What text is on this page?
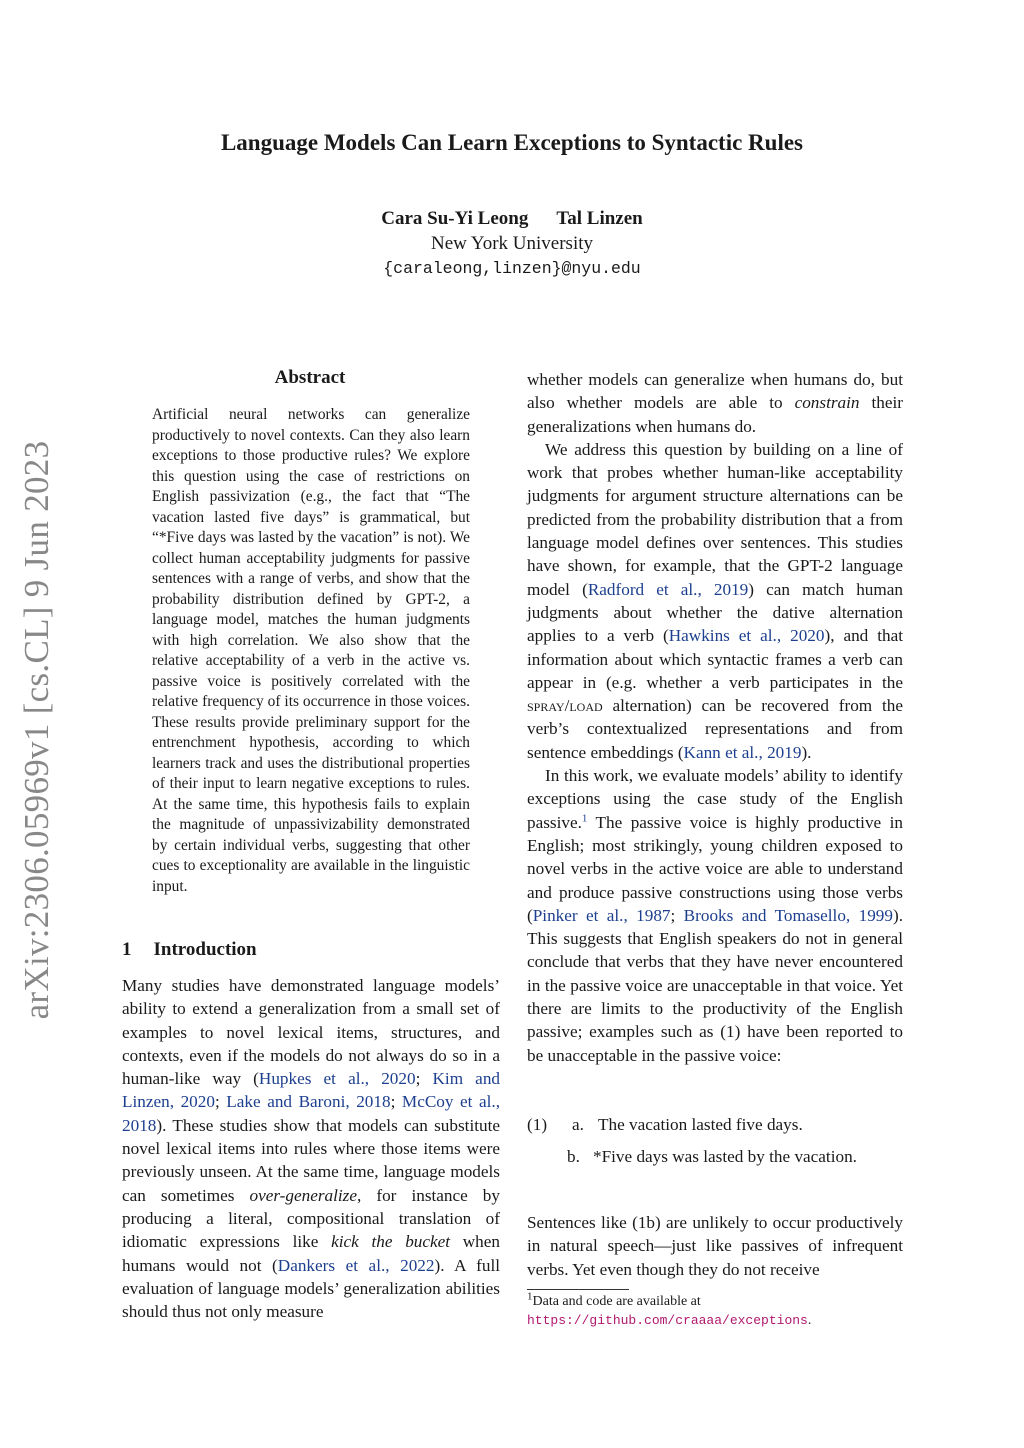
Language Models Can Learn Exceptions to Syntactic Rules
Cara Su-Yi Leong Tal Linzen
New York University
{caraleong,linzen}@nyu.edu
arXiv:2306.05969v1 [cs.CL] 9 Jun 2023
Abstract

Artificial neural networks can generalize productively to novel contexts. Can they also learn exceptions to those productive rules? We explore this question using the case of restrictions on English passivization (e.g., the fact that “The vacation lasted five days” is grammatical, but “*Five days was lasted by the vacation” is not). We collect human acceptability judgments for passive sentences with a range of verbs, and show that the probability distribution defined by GPT-2, a language model, matches the human judgments with high correlation. We also show that the relative acceptability of a verb in the active vs. passive voice is positively correlated with the relative frequency of its occurrence in those voices. These results provide preliminary support for the entrenchment hypothesis, according to which learners track and uses the distributional properties of their input to learn negative exceptions to rules. At the same time, this hypothesis fails to explain the magnitude of unpassivizability demonstrated by certain individual verbs, suggesting that other cues to exceptionality are available in the linguistic input.

1 Introduction

Many studies have demonstrated language models’ ability to extend a generalization from a small set of examples to novel lexical items, structures, and contexts, even if the models do not always do so in a human-like way (Hupkes et al., 2020; Kim and Linzen, 2020; Lake and Baroni, 2018; McCoy et al., 2018). These studies show that models can substitute novel lexical items into rules where those items were previously unseen. At the same time, language models can sometimes over-generalize, for instance by producing a literal, compositional translation of idiomatic expressions like kick the bucket when humans would not (Dankers et al., 2022). A full evaluation of language models’ generalization abilities should thus not only measure

whether models can generalize when humans do, but also whether models are able to constrain their generalizations when humans do.

We address this question by building on a line of work that probes whether human-like acceptability judgments for argument structure alternations can be predicted from the probability distribution that a from language model defines over sentences. This studies have shown, for example, that the GPT-2 language model (Radford et al., 2019) can match human judgments about whether the dative alternation applies to a verb (Hawkins et al., 2020), and that information about which syntactic frames a verb can appear in (e.g. whether a verb participates in the spray/load alternation) can be recovered from the verb’s contextualized representations and from sentence embeddings (Kann et al., 2019).

In this work, we evaluate models’ ability to identify exceptions using the case study of the English passive.$^1$ The passive voice is highly productive in English; most strikingly, young children exposed to novel verbs in the active voice are able to understand and produce passive constructions using those verbs (Pinker et al., 1987; Brooks and Tomasello, 1999). This suggests that English speakers do not in general conclude that verbs that they have never encountered in the passive voice are unacceptable in that voice. Yet there are limits to the productivity of the English passive; examples such as (1) have been reported to be unacceptable in the passive voice:

(1)	a. The vacation lasted five days.
b. *Five days was lasted by the vacation.

Sentences like (1b) are unlikely to occur productively in natural speech—just like passives of infrequent verbs. Yet even though they do not receive

$^1$Data and code are available at https://github.com/craaaa/exceptions.
